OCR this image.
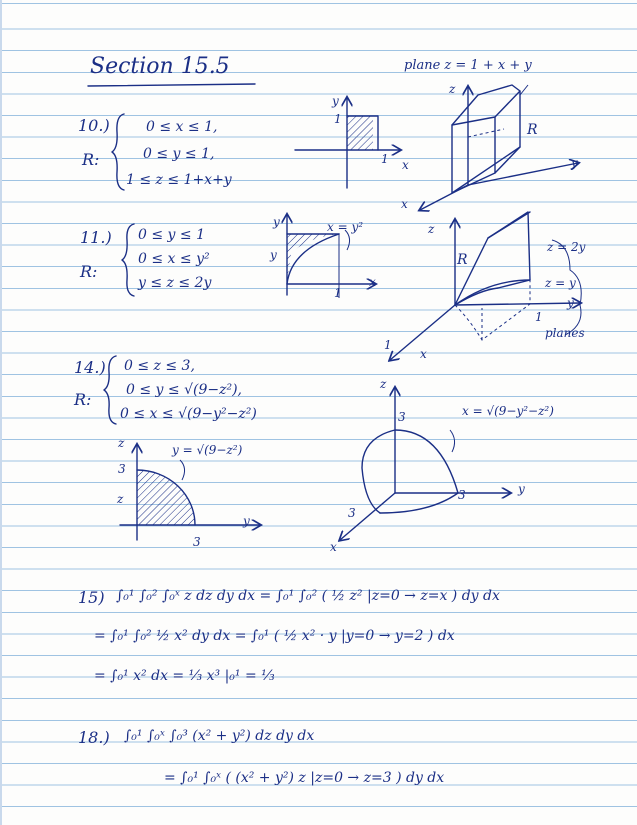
Section 15.5
10.)
R:
0 ≤ x ≤ 1,
0 ≤ y ≤ 1,
1 ≤ z ≤ 1+x+y
y
1
1 x
plane z = 1 + x + y
z
R
y
x
11.)
R:
0 ≤ y ≤ 1
0 ≤ x ≤ y²
y ≤ z ≤ 2y
y
y
x = y²
1
x
z
R
z = 2y
z = y
y
1
planes
1
x
14.)
R:
0 ≤ z ≤ 3,
0 ≤ y ≤ √(9−z²),
0 ≤ x ≤ √(9−y²−z²)
z
3
z
y = √(9−z²)
3
y
z
3	x = √(9−y²−z²)
3	y
3
x
15) ∫₀¹ ∫₀² ∫₀ˣ z dz dy dx = ∫₀¹ ∫₀² ( ½ z² |z=0 → z=x ) dy dx
= ∫₀¹ ∫₀² ½ x² dy dx = ∫₀¹ ( ½ x² · y |y=0 → y=2 ) dx
= ∫₀¹ x² dx = ⅓ x³ |₀¹ = ⅓
18.) ∫₀¹ ∫₀ˣ ∫₀³ (x² + y²) dz dy dx
= ∫₀¹ ∫₀ˣ ( (x² + y²) z |z=0 → z=3 ) dy dx
